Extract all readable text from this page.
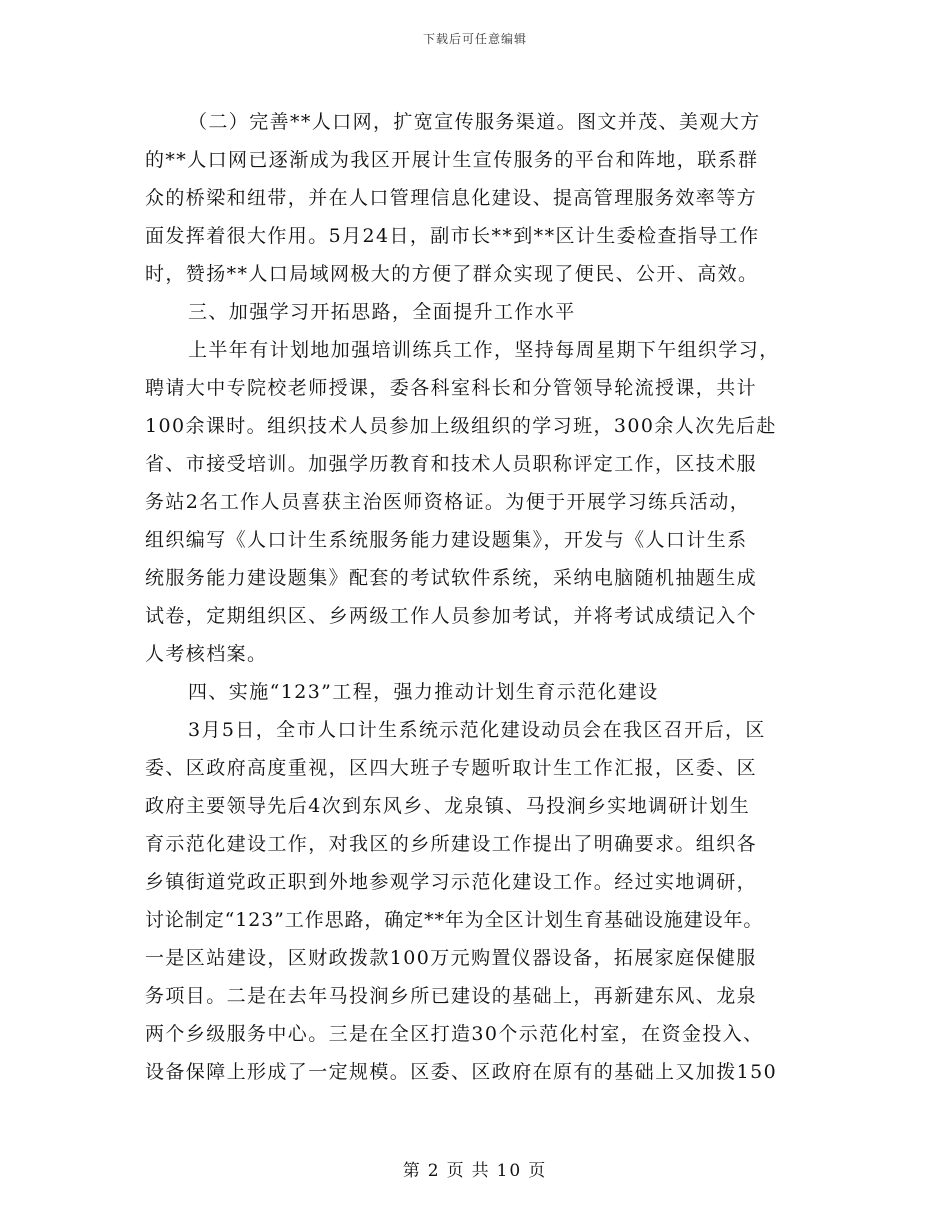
下载后可任意编辑
（二）完善**人口网，扩宽宣传服务渠道。图文并茂、美观大方
的**人口网已逐渐成为我区开展计生宣传服务的平台和阵地，联系群
众的桥梁和纽带，并在人口管理信息化建设、提高管理服务效率等方
面发挥着很大作用。5月24日，副市长**到**区计生委检查指导工作
时，赞扬**人口局域网极大的方便了群众实现了便民、公开、高效。
三、加强学习开拓思路，全面提升工作水平
上半年有计划地加强培训练兵工作，坚持每周星期下午组织学习，
聘请大中专院校老师授课，委各科室科长和分管领导轮流授课，共计
100余课时。组织技术人员参加上级组织的学习班，300余人次先后赴
省、市接受培训。加强学历教育和技术人员职称评定工作，区技术服
务站2名工作人员喜获主治医师资格证。为便于开展学习练兵活动，
组织编写《人口计生系统服务能力建设题集》，开发与《人口计生系
统服务能力建设题集》配套的考试软件系统，采纳电脑随机抽题生成
试卷，定期组织区、乡两级工作人员参加考试，并将考试成绩记入个
人考核档案。
四、实施“123”工程，强力推动计划生育示范化建设
3月5日，全市人口计生系统示范化建设动员会在我区召开后，区
委、区政府高度重视，区四大班子专题听取计生工作汇报，区委、区
政府主要领导先后4次到东风乡、龙泉镇、马投涧乡实地调研计划生
育示范化建设工作，对我区的乡所建设工作提出了明确要求。组织各
乡镇街道党政正职到外地参观学习示范化建设工作。经过实地调研，
讨论制定“123”工作思路，确定**年为全区计划生育基础设施建设年。
一是区站建设，区财政拨款100万元购置仪器设备，拓展家庭保健服
务项目。二是在去年马投涧乡所已建设的基础上，再新建东风、龙泉
两个乡级服务中心。三是在全区打造30个示范化村室，在资金投入、
设备保障上形成了一定规模。区委、区政府在原有的基础上又加拨150
第 2 页 共 10 页
